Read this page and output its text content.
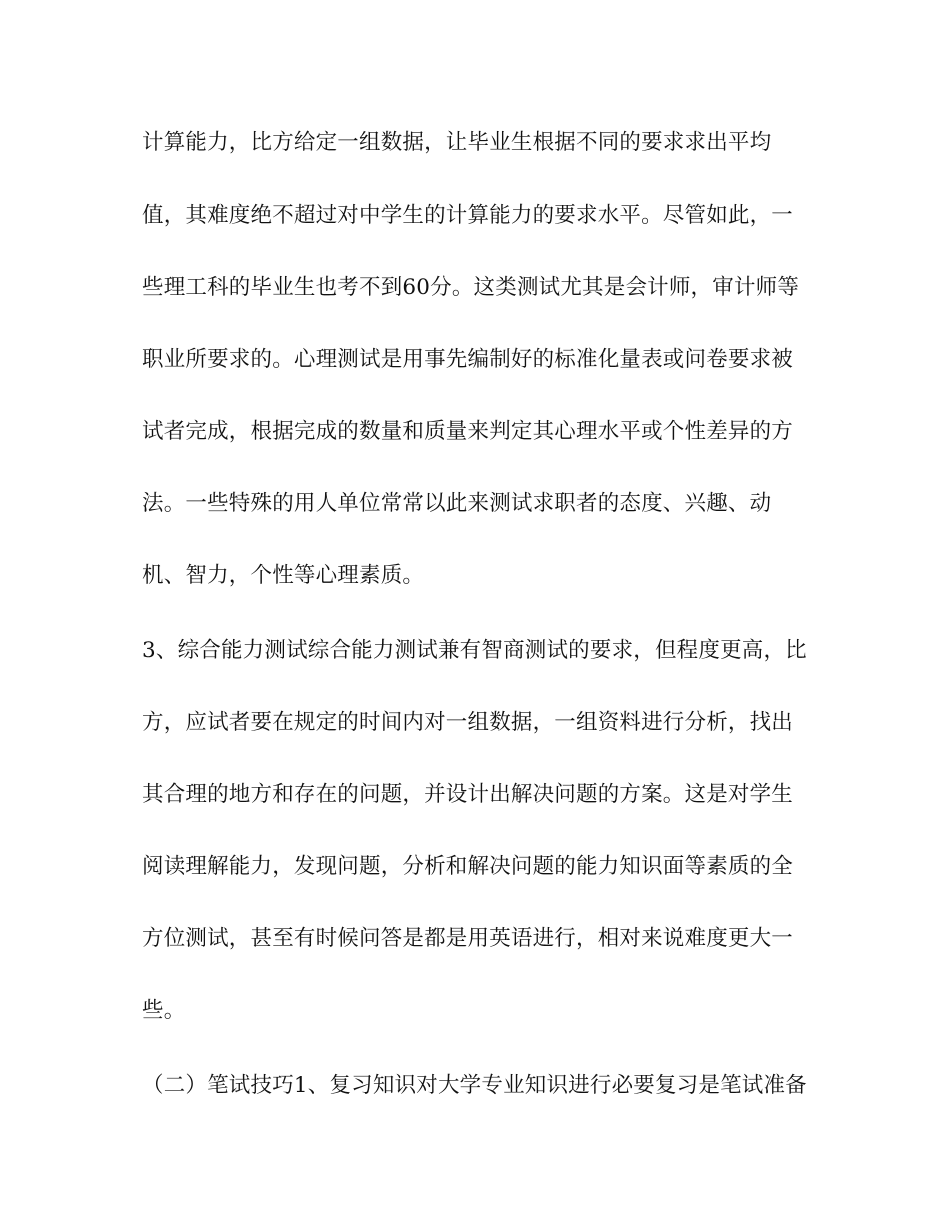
计算能力，比方给定一组数据，让毕业生根据不同的要求求出平均
值，其难度绝不超过对中学生的计算能力的要求水平。尽管如此，一
些理工科的毕业生也考不到60分。这类测试尤其是会计师，审计师等
职业所要求的。心理测试是用事先编制好的标准化量表或问卷要求被
试者完成，根据完成的数量和质量来判定其心理水平或个性差异的方
法。一些特殊的用人单位常常以此来测试求职者的态度、兴趣、动
机、智力，个性等心理素质。
3、综合能力测试综合能力测试兼有智商测试的要求，但程度更高，比
方，应试者要在规定的时间内对一组数据，一组资料进行分析，找出
其合理的地方和存在的问题，并设计出解决问题的方案。这是对学生
阅读理解能力，发现问题，分析和解决问题的能力知识面等素质的全
方位测试，甚至有时候问答是都是用英语进行，相对来说难度更大一
些。
（二）笔试技巧1、复习知识对大学专业知识进行必要复习是笔试准备
